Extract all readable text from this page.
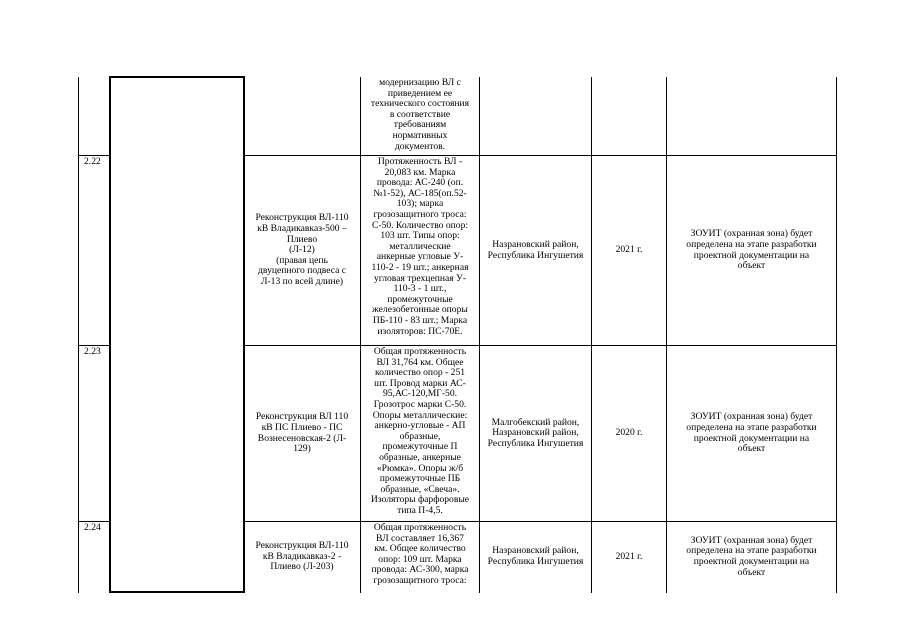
модернизацию ВЛ с
приведением ее
технического состояния
в соответствие
требованиям
нормативных
документов.
2.22
Реконструкция ВЛ-110
кВ Владикавказ-500 –
Плиево
(Л-12)
(правая цепь
двуцепного подвеса с
Л-13 по всей длине)
Протяженность ВЛ -
20,083 км. Марка
провода: АС-240 (оп.
№1-52), АС-185(оп.52-
103); марка
грозозащитного троса:
С-50. Количество опор:
103 шт. Типы опор:
металлические
анкерные угловые У-
110-2 - 19 шт.; анкерная
угловая трехцепная У-
110-3 - 1 шт.,
промежуточные
железобетонные опоры
ПБ-110 - 83 шт.; Марка
изоляторов: ПС-70Е.
Назрановский район,
Республика Ингушетия	2021 г.
ЗОУИТ (охранная зона) будет
определена на этапе разработки
проектной документации на
объект
2.23
Реконструкция ВЛ 110
кВ ПС Плиево - ПС
Вознесеновская-2 (Л-
129)
Общая протяженность
ВЛ 31,764 км. Общее
количество опор - 251
шт. Провод марки АС-
95,АС-120,МГ-50.
Грозотрос марки С-50.
Опоры металлические:
анкерно-угловые - АП
образные,
промежуточные П
образные, анкерные
«Рюмка». Опоры ж/б
промежуточные ПБ
образные, «Свеча».
Изоляторы фарфоровые
типа П-4,5.
Малгобекский район,
Назрановский район,
Республика Ингушетия
2020 г.
ЗОУИТ (охранная зона) будет
определена на этапе разработки
проектной документации на
объект
2.24
Реконструкция ВЛ-110
кВ Владикавказ-2 -
Плиево (Л-203)
Общая протяженность
ВЛ составляет 16,367
км. Общее количество
опор: 109 шт. Марка
провода: АС-300, марка
грозозащитного троса:
Назрановский район,
Республика Ингушетия	2021 г.
ЗОУИТ (охранная зона) будет
определена на этапе разработки
проектной документации на
объект
